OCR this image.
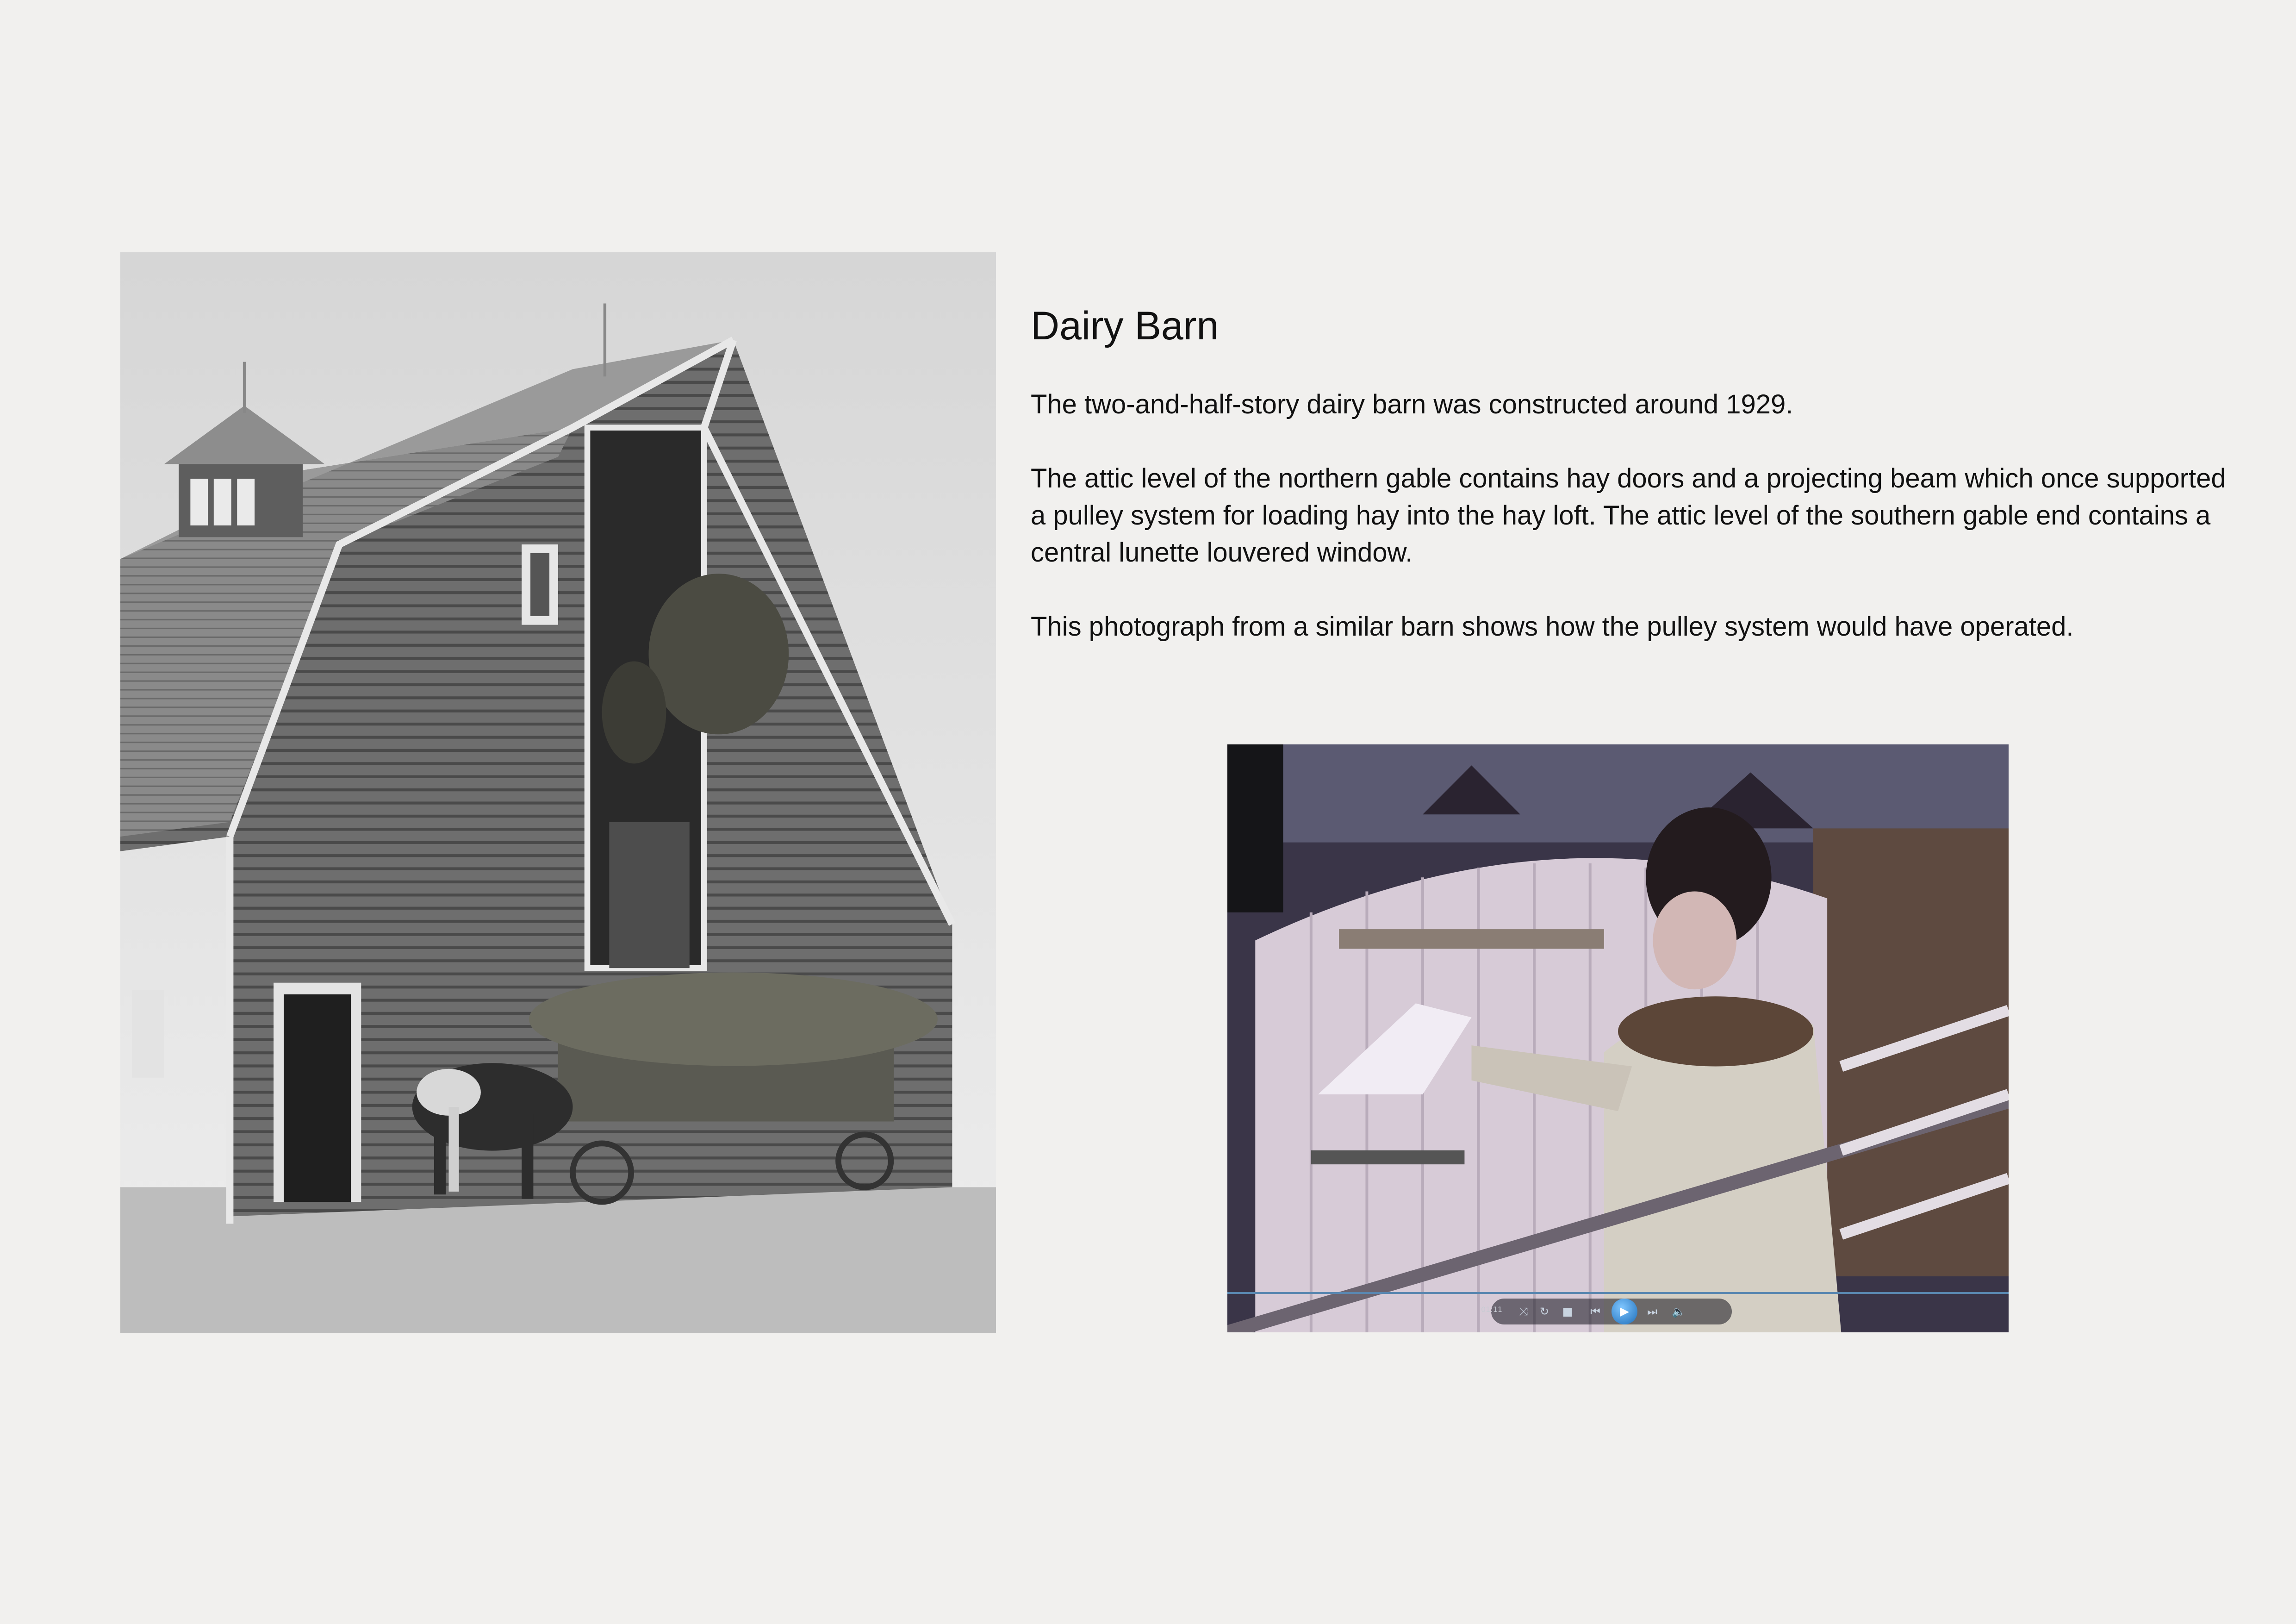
Dairy Barn

The two-and-half-story dairy barn was constructed around 1929.

The attic level of the northern gable contains hay doors and a projecting beam which once supported a pulley system for loading hay into the hay loft. The attic level of the southern gable end contains a central lunette louvered window.

This photograph from a similar barn shows how the pulley system would have operated.

01:11	⤨	↻	■	⏮	▶	⏭	🔈
